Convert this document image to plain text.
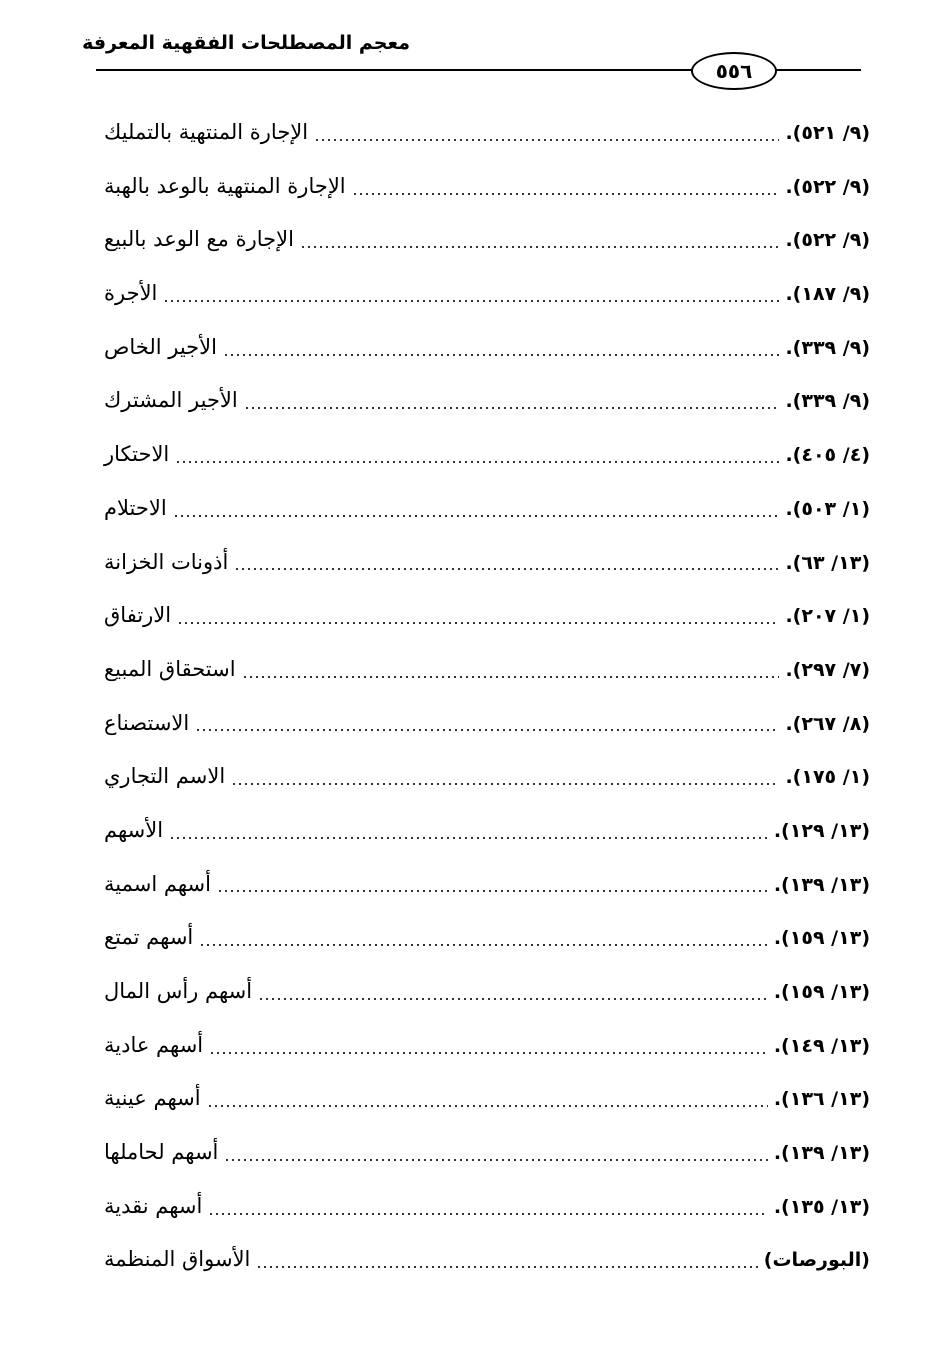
معجم المصطلحات الفقهية المعرفة
٥٥٦
الإجارة المنتهية بالتمليك	(٩/ ٥٢١).
الإجارة المنتهية بالوعد بالهبة	(٩/ ٥٢٢).
الإجارة مع الوعد بالبيع	(٩/ ٥٢٢).
الأجرة	(٩/ ١٨٧).
الأجير الخاص	(٩/ ٣٣٩).
الأجير المشترك	(٩/ ٣٣٩).
الاحتكار	(٤/ ٤٠٥).
الاحتلام	(١/ ٥٠٣).
أذونات الخزانة	(١٣/ ٦٣).
الارتفاق	(١/ ٢٠٧).
استحقاق المبيع	(٧/ ٢٩٧).
الاستصناع	(٨/ ٢٦٧).
الاسم التجاري	(١/ ١٧٥).
الأسهم	(١٣/ ١٢٩).
أسهم اسمية	(١٣/ ١٣٩).
أسهم تمتع	(١٣/ ١٥٩).
أسهم رأس المال	(١٣/ ١٥٩).
أسهم عادية	(١٣/ ١٤٩).
أسهم عينية	(١٣/ ١٣٦).
أسهم لحاملها	(١٣/ ١٣٩).
أسهم نقدية	(١٣/ ١٣٥).
الأسواق المنظمة	(البورصات)
